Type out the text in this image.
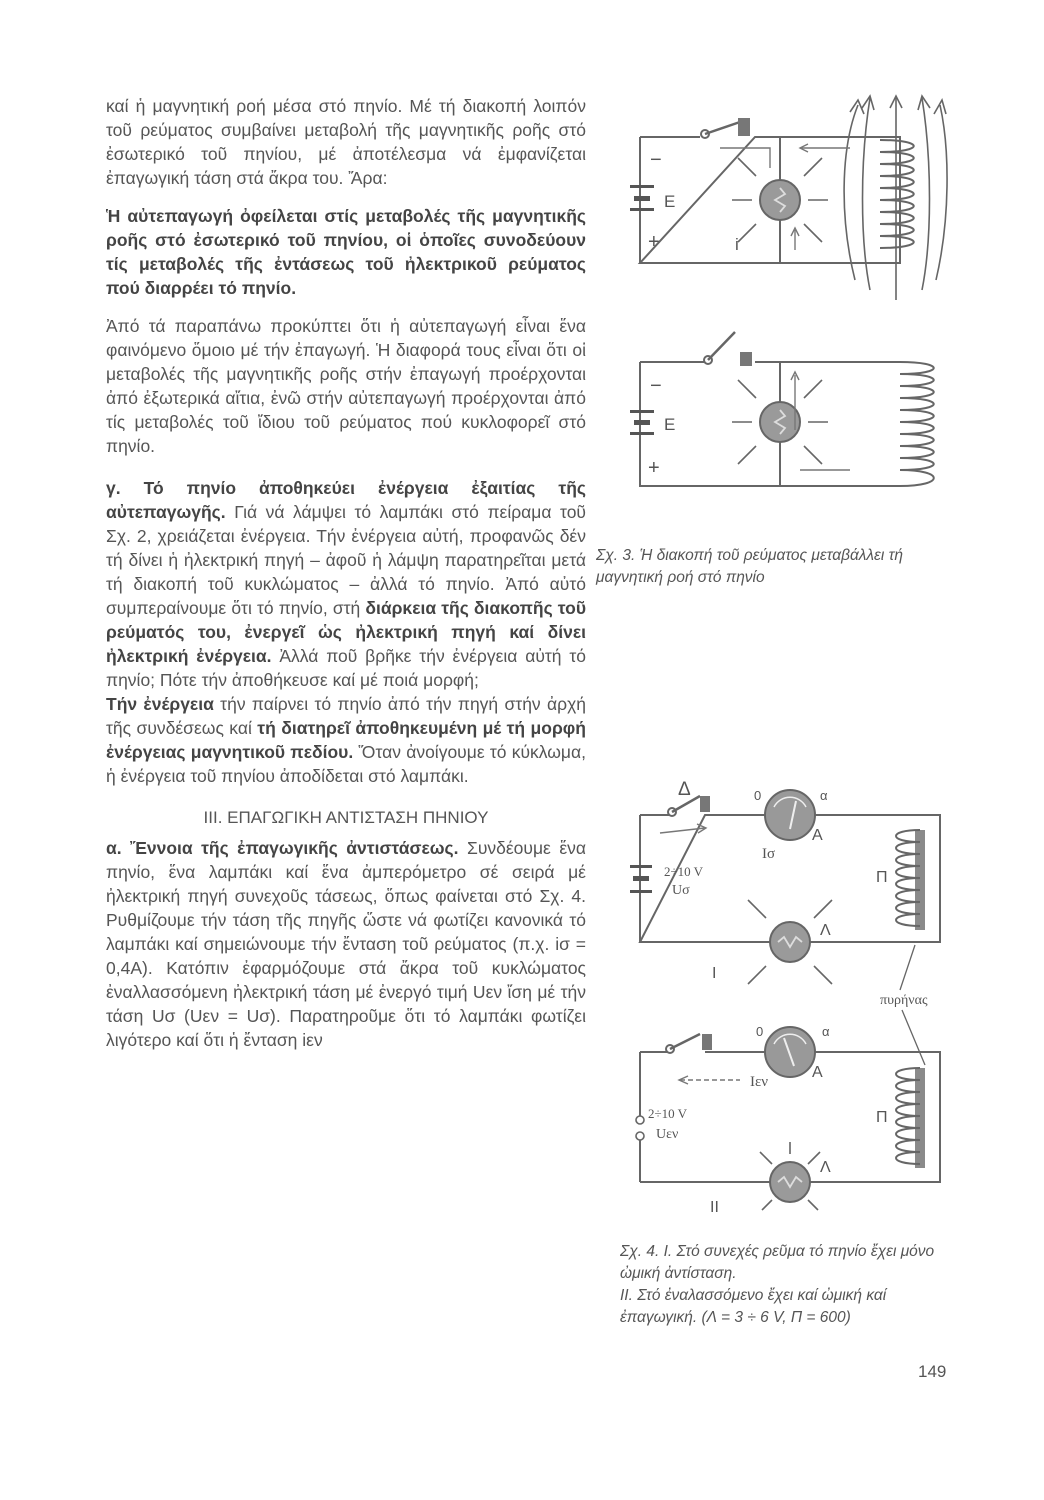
καί ἡ μαγνητική ροή μέσα στό πηνίο. Μέ τή διακοπή λοιπόν τοῦ ρεύματος συμβαίνει μεταβολή τῆς μαγνητικῆς ροῆς στό ἐσωτερικό τοῦ πηνίου, μέ ἀποτέλεσμα νά ἐμφανίζεται ἐπαγωγική τάση στά ἄκρα του. Ἄρα:

Ἡ αὐτεπαγωγή ὀφείλεται στίς μεταβολές τῆς μαγνητικῆς ροῆς στό ἐσωτερικό τοῦ πηνίου, οἱ ὁποῖες συνοδεύουν τίς μεταβολές τῆς ἐντάσεως τοῦ ἠλεκτρικοῦ ρεύματος πού διαρρέει τό πηνίο.

Ἀπό τά παραπάνω προκύπτει ὅτι ἡ αὐτεπαγωγή εἶναι ἕνα φαινόμενο ὅμοιο μέ τήν ἐπαγωγή. Ἡ διαφορά τους εἶναι ὅτι οἱ μεταβολές τῆς μαγνητικῆς ροῆς στήν ἐπαγωγή προέρχονται ἀπό ἐξωτερικά αἴτια, ἐνῶ στήν αὐτεπαγωγή προέρχονται ἀπό τίς μεταβολές τοῦ ἴδιου τοῦ ρεύματος πού κυκλοφορεῖ στό πηνίο.

γ. Τό πηνίο ἀποθηκεύει ἐνέργεια ἐξαιτίας τῆς αὐτεπαγωγῆς. Γιά νά λάμψει τό λαμπάκι στό πείραμα τοῦ Σχ. 2, χρειάζεται ἐνέργεια. Τήν ἐνέργεια αὐτή, προφανῶς δέν τή δίνει ἡ ἠλεκτρική πηγή – ἀφοῦ ἡ λάμψη παρατηρεῖται μετά τή διακοπή τοῦ κυκλώματος – ἀλλά τό πηνίο. Ἀπό αὐτό συμπεραίνουμε ὅτι τό πηνίο, στή διάρκεια τῆς διακοπῆς τοῦ ρεύματός του, ἐνεργεῖ ὡς ἠλεκτρική πηγή καί δίνει ἠλεκτρική ἐνέργεια. Ἀλλά ποῦ βρῆκε τήν ἐνέργεια αὐτή τό πηνίο; Πότε τήν ἀποθήκευσε καί μέ ποιά μορφή;

Τήν ἐνέργεια τήν παίρνει τό πηνίο ἀπό τήν πηγή στήν ἀρχή τῆς συνδέσεως καί τή διατηρεῖ ἀποθηκευμένη μέ τή μορφή ἐνέργειας μαγνητικοῦ πεδίου. Ὅταν ἀνοίγουμε τό κύκλωμα, ἡ ἐνέργεια τοῦ πηνίου ἀποδίδεται στό λαμπάκι.

III. ΕΠΑΓΩΓΙΚΗ ΑΝΤΙΣΤΑΣΗ ΠΗΝΙΟΥ

α. Ἔννοια τῆς ἐπαγωγικῆς ἀντιστάσεως. Συνδέουμε ἕνα πηνίο, ἕνα λαμπάκι καί ἕνα ἀμπερόμετρο σέ σειρά μέ ἠλεκτρική πηγή συνεχοῦς τάσεως, ὅπως φαίνεται στό Σχ. 4. Ρυθμίζουμε τήν τάση τῆς πηγῆς ὥστε νά φωτίζει κανονικά τό λαμπάκι καί σημειώνουμε τήν ἔνταση τοῦ ρεύματος (π.χ. iσ = 0,4A). Κατόπιν ἐφαρμόζουμε στά ἄκρα τοῦ κυκλώματος ἐναλλασσόμενη ἠλεκτρική τάση μέ ἐνεργό τιμή Uεν ἴση μέ τήν τάση Uσ (Uεν = Uσ). Παρατηροῦμε ὅτι τό λαμπάκι φωτίζει λιγότερο καί ὅτι ἡ ἔνταση iεν

−
+
E
i
−
+
E
Δ
2÷10 V
Uσ
0	α
A
Iσ
Λ
I
Π
πυρήνας
2÷10 V
Uεν
Iεν
0	α
A
Λ
II
Π
Σχ. 3. Ἡ διακοπή τοῦ ρεύματος μεταβάλλει τή μαγνητική ροή στό πηνίο
Σχ. 4. I. Στό συνεχές ρεῦμα τό πηνίο ἔχει μόνο ὠμική ἀντίσταση.
II. Στό ἐναλασσόμενο ἔχει καί ὠμική καί ἐπαγωγική. (Λ = 3 ÷ 6 V, Π = 600)
149
